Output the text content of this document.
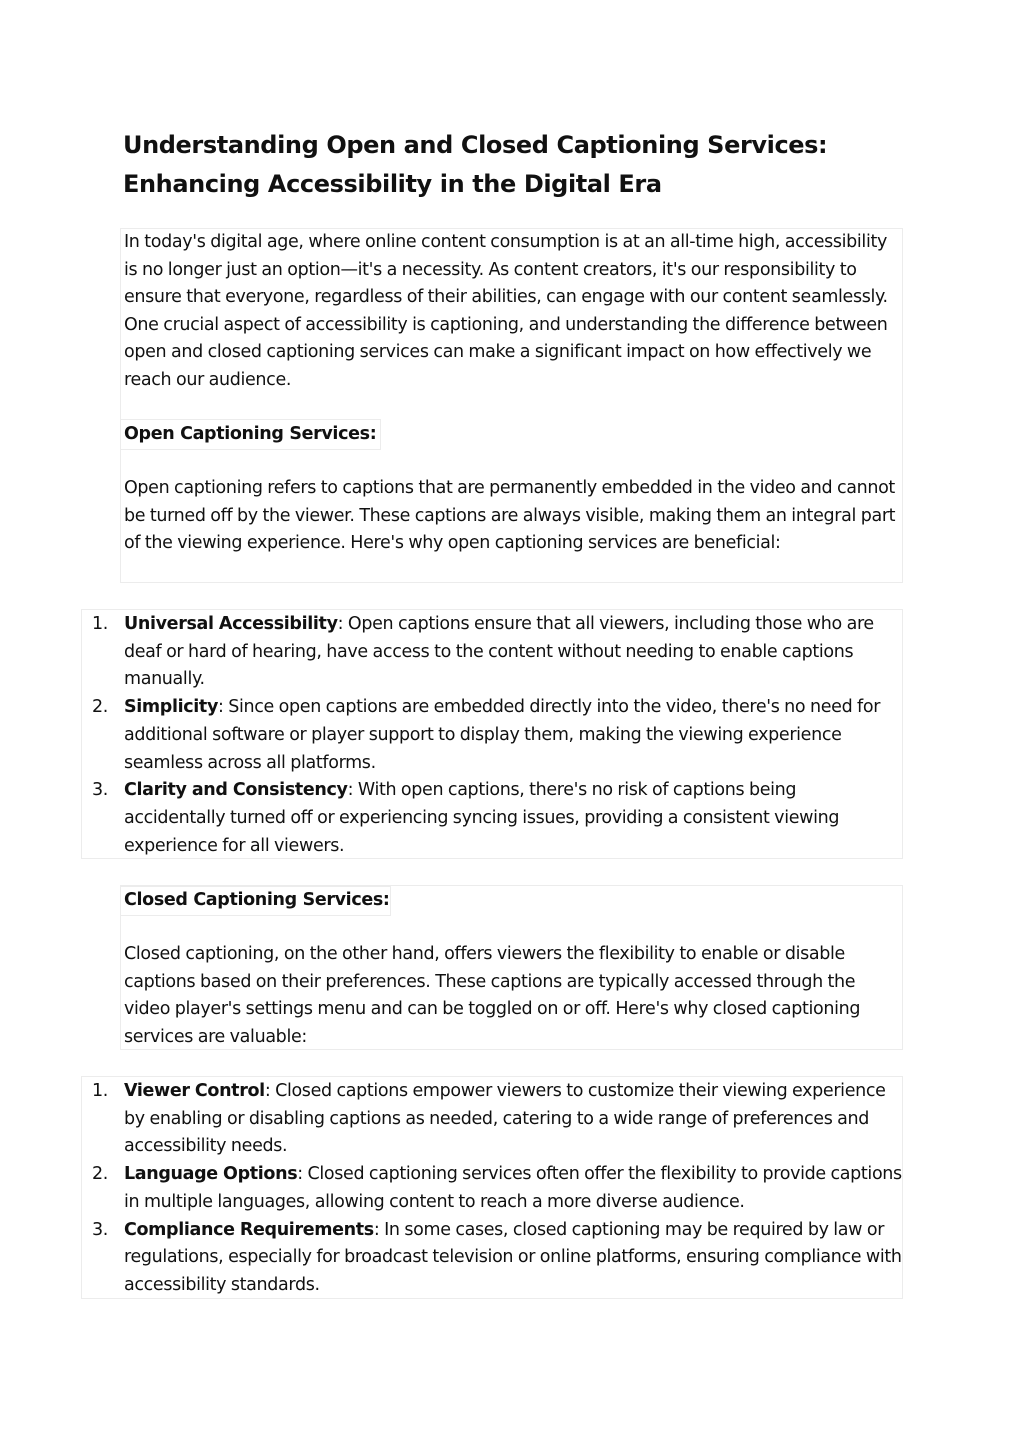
Understanding Open and Closed Captioning Services: Enhancing Accessibility in the Digital Era

In today's digital age, where online content consumption is at an all-time high, accessibility is no longer just an option—it's a necessity. As content creators, it's our responsibility to ensure that everyone, regardless of their abilities, can engage with our content seamlessly. One crucial aspect of accessibility is captioning, and understanding the difference between open and closed captioning services can make a significant impact on how effectively we reach our audience.

Open Captioning Services:

Open captioning refers to captions that are permanently embedded in the video and cannot be turned off by the viewer. These captions are always visible, making them an integral part of the viewing experience. Here's why open captioning services are beneficial:

1. Universal Accessibility: Open captions ensure that all viewers, including those who are deaf or hard of hearing, have access to the content without needing to enable captions manually.
2. Simplicity: Since open captions are embedded directly into the video, there's no need for additional software or player support to display them, making the viewing experience seamless across all platforms.
3. Clarity and Consistency: With open captions, there's no risk of captions being accidentally turned off or experiencing syncing issues, providing a consistent viewing experience for all viewers.
Closed Captioning Services:

Closed captioning, on the other hand, offers viewers the flexibility to enable or disable captions based on their preferences. These captions are typically accessed through the video player's settings menu and can be toggled on or off. Here's why closed captioning services are valuable:

1. Viewer Control: Closed captions empower viewers to customize their viewing experience by enabling or disabling captions as needed, catering to a wide range of preferences and accessibility needs.
2. Language Options: Closed captioning services often offer the flexibility to provide captions in multiple languages, allowing content to reach a more diverse audience.
3. Compliance Requirements: In some cases, closed captioning may be required by law or regulations, especially for broadcast television or online platforms, ensuring compliance with accessibility standards.
